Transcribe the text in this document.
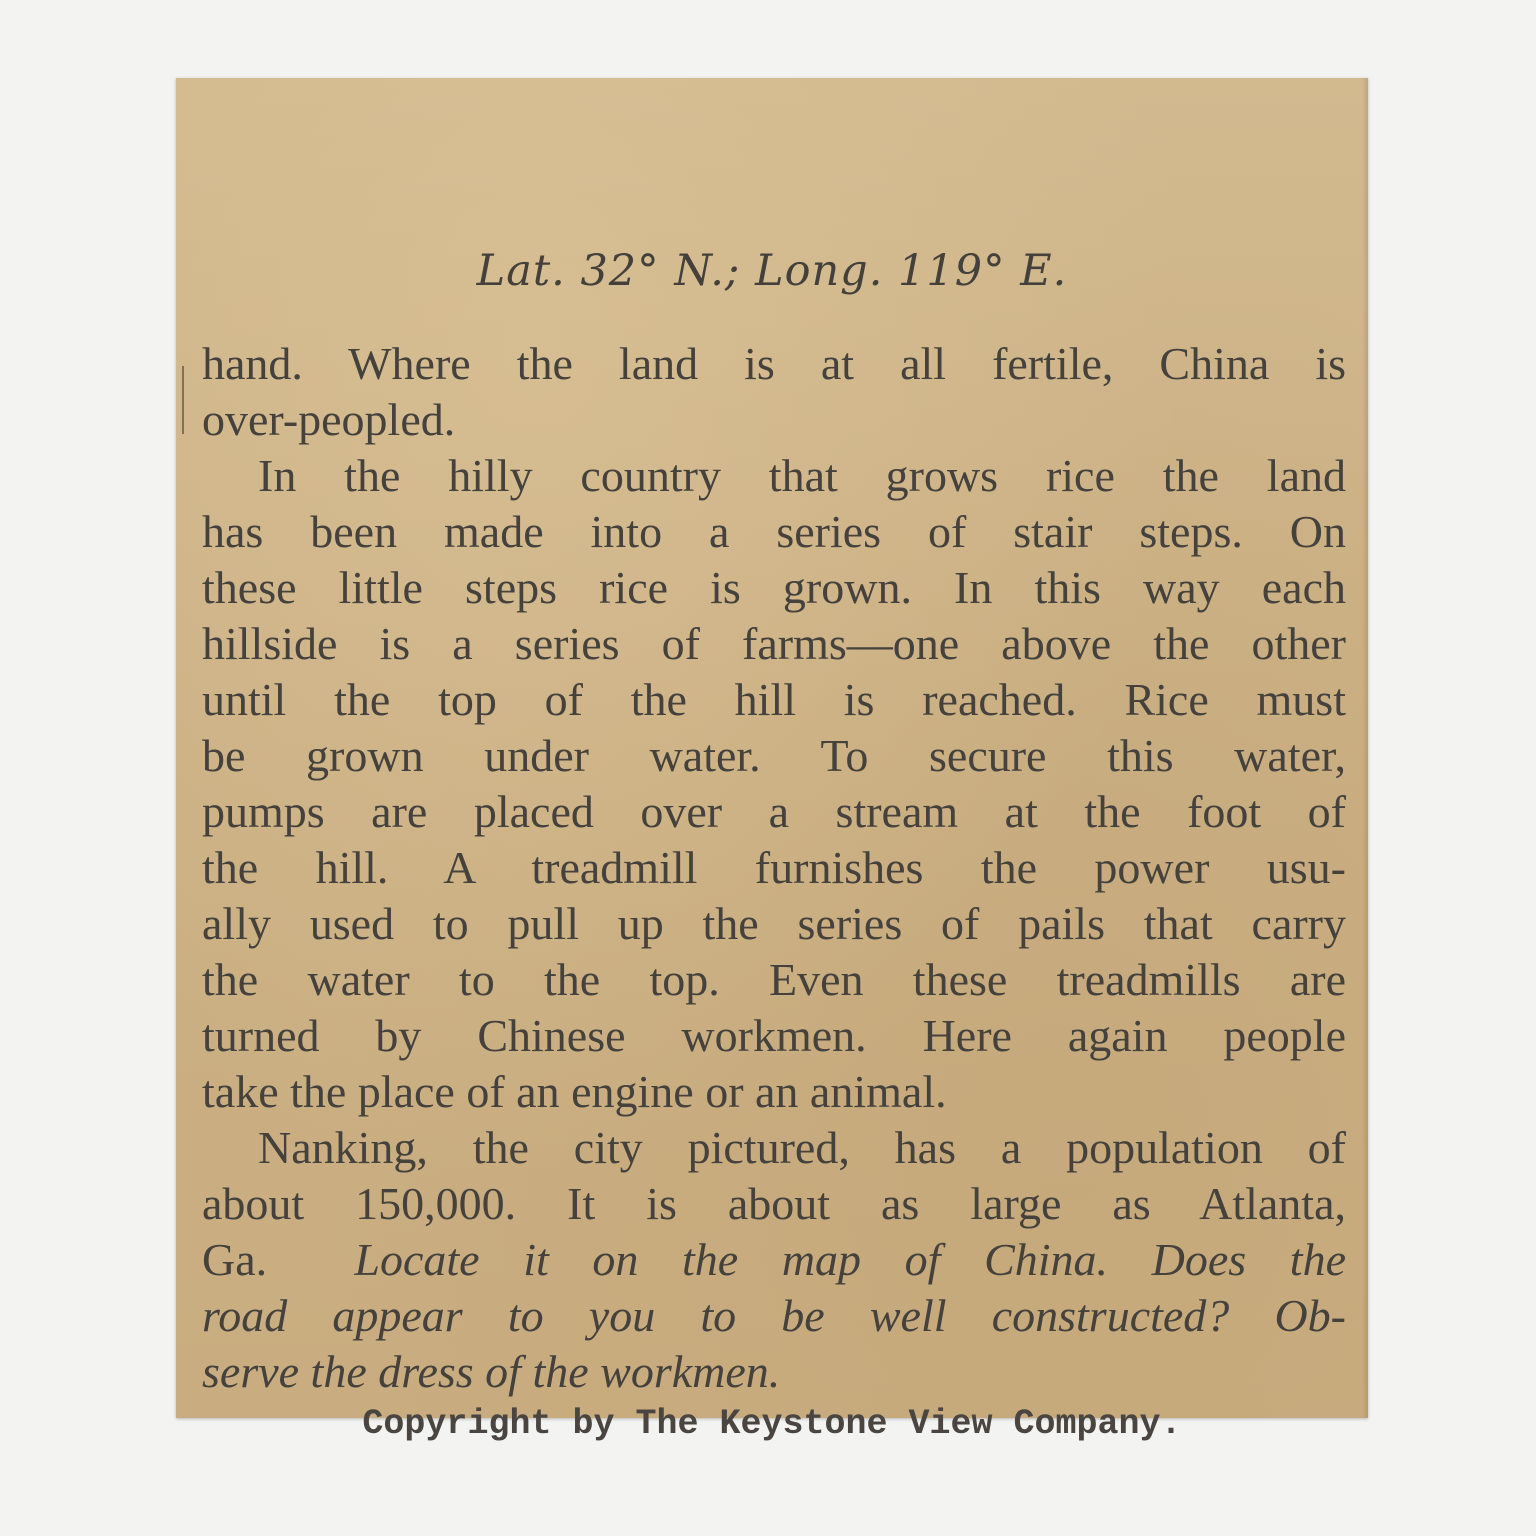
Lat. 32° N.; Long. 119° E.
hand. Where the land is at all fertile, China is
over-peopled.
In the hilly country that grows rice the land
has been made into a series of stair steps. On
these little steps rice is grown. In this way each
hillside is a series of farms—one above the other
until the top of the hill is reached. Rice must
be grown under water. To secure this water,
pumps are placed over a stream at the foot of
the hill. A treadmill furnishes the power usu-
ally used to pull up the series of pails that carry
the water to the top. Even these treadmills are
turned by Chinese workmen. Here again people
take the place of an engine or an animal.
Nanking, the city pictured, has a population of
about 150,000. It is about as large as Atlanta,
Ga. Locate it on the map of China. Does the
road appear to you to be well constructed? Ob-
serve the dress of the workmen.
Copyright by The Keystone View Company.
